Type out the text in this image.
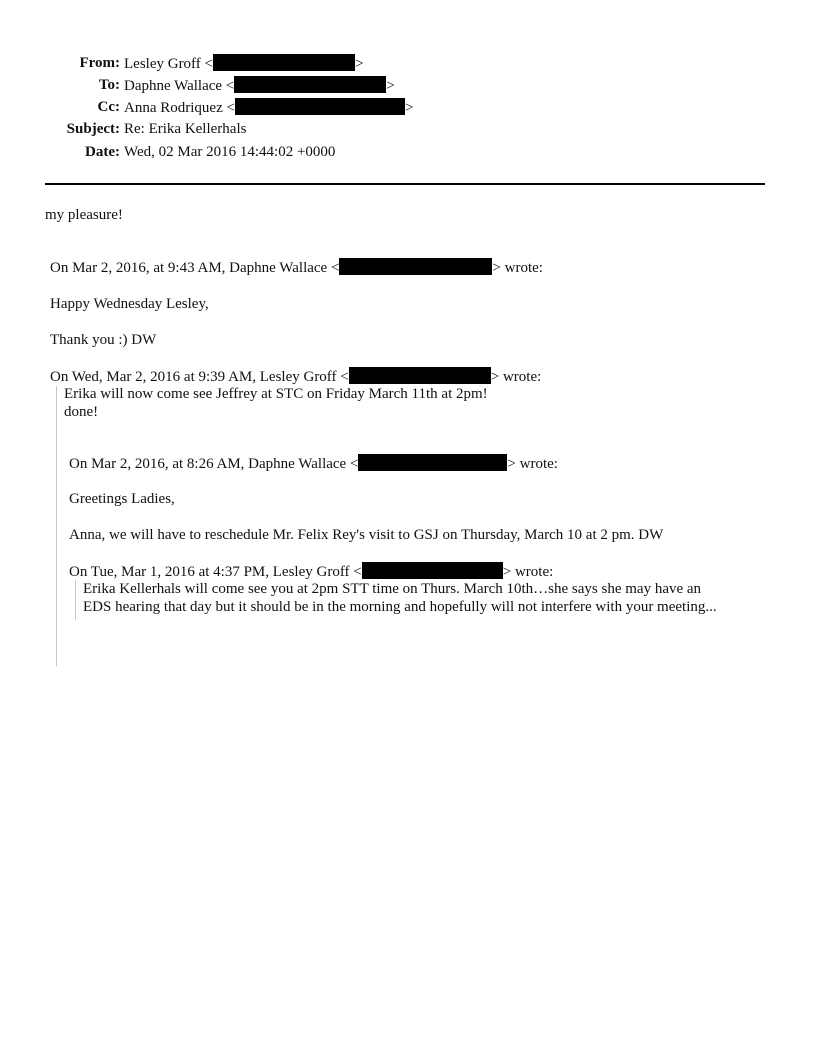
From: Lesley Groff <	>
To: Daphne Wallace <	>
Cc: Anna Rodriquez <	>
Subject: Re: Erika Kellerhals
Date: Wed, 02 Mar 2016 14:44:02 +0000
my pleasure!
On Mar 2, 2016, at 9:43 AM, Daphne Wallace <	> wrote:
Happy Wednesday Lesley,
Thank you :) DW
On Wed, Mar 2, 2016 at 9:39 AM, Lesley Groff <	> wrote:
Erika will now come see Jeffrey at STC on Friday March 11th at 2pm!
done!
On Mar 2, 2016, at 8:26 AM, Daphne Wallace <	> wrote:
Greetings Ladies,
Anna, we will have to reschedule Mr. Felix Rey's visit to GSJ on Thursday, March 10 at 2 pm. DW
On Tue, Mar 1, 2016 at 4:37 PM, Lesley Groff <	> wrote:
Erika Kellerhals will come see you at 2pm STT time on Thurs. March 10th…she says she may have an
EDS hearing that day but it should be in the morning and hopefully will not interfere with your meeting...
